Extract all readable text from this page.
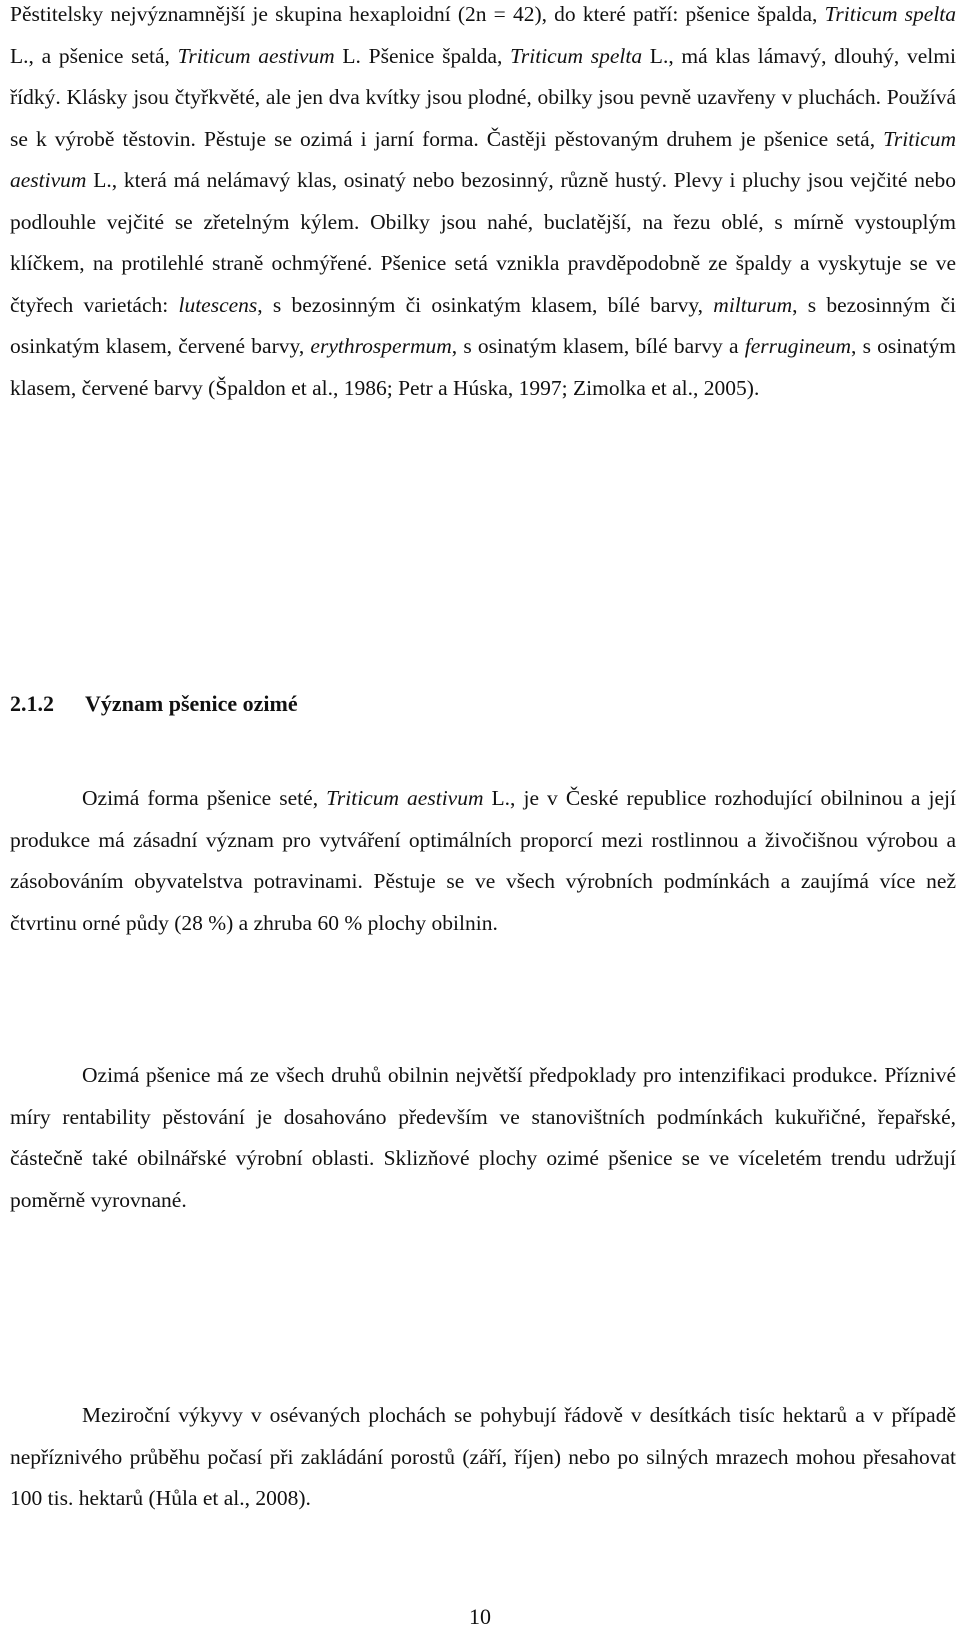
Pěstitelsky nejvýznamnější je skupina hexaploidní (2n = 42), do které patří: pšenice špalda, Triticum spelta L., a pšenice setá, Triticum aestivum L. Pšenice špalda, Triticum spelta L., má klas lámavý, dlouhý, velmi řídký. Klásky jsou čtyřkvěté, ale jen dva kvítky jsou plodné, obilky jsou pevně uzavřeny v pluchách. Používá se k výrobě těstovin. Pěstuje se ozimá i jarní forma. Častěji pěstovaným druhem je pšenice setá, Triticum aestivum L., která má nelámavý klas, osinatý nebo bezosinný, různě hustý. Plevy i pluchy jsou vejčité nebo podlouhle vejčité se zřetelným kýlem. Obilky jsou nahé, buclatější, na řezu oblé, s mírně vystouplým klíčkem, na protilehlé straně ochmýřené. Pšenice setá vznikla pravděpodobně ze špaldy a vyskytuje se ve čtyřech varietách: lutescens, s bezosinným či osinkatým klasem, bílé barvy, milturum, s bezosinným či osinkatým klasem, červené barvy, erythrospermum, s osinatým klasem, bílé barvy a ferrugineum, s osinatým klasem, červené barvy (Špaldon et al., 1986; Petr a Húska, 1997; Zimolka et al., 2005).

2.1.2 Význam pšenice ozimé

Ozimá forma pšenice seté, Triticum aestivum L., je v České republice rozhodující obilninou a její produkce má zásadní význam pro vytváření optimálních proporcí mezi rostlinnou a živočišnou výrobou a zásobováním obyvatelstva potravinami. Pěstuje se ve všech výrobních podmínkách a zaujímá více než čtvrtinu orné půdy (28 %) a zhruba 60 % plochy obilnin.

Ozimá pšenice má ze všech druhů obilnin největší předpoklady pro intenzifikaci produkce. Příznivé míry rentability pěstování je dosahováno především ve stanovištních podmínkách kukuřičné, řepařské, částečně také obilnářské výrobní oblasti. Sklizňové plochy ozimé pšenice se ve víceletém trendu udržují poměrně vyrovnané.

Meziroční výkyvy v osévaných plochách se pohybují řádově v desítkách tisíc hektarů a v případě nepříznivého průběhu počasí při zakládání porostů (září, říjen) nebo po silných mrazech mohou přesahovat 100 tis. hektarů (Hůla et al., 2008).

10
